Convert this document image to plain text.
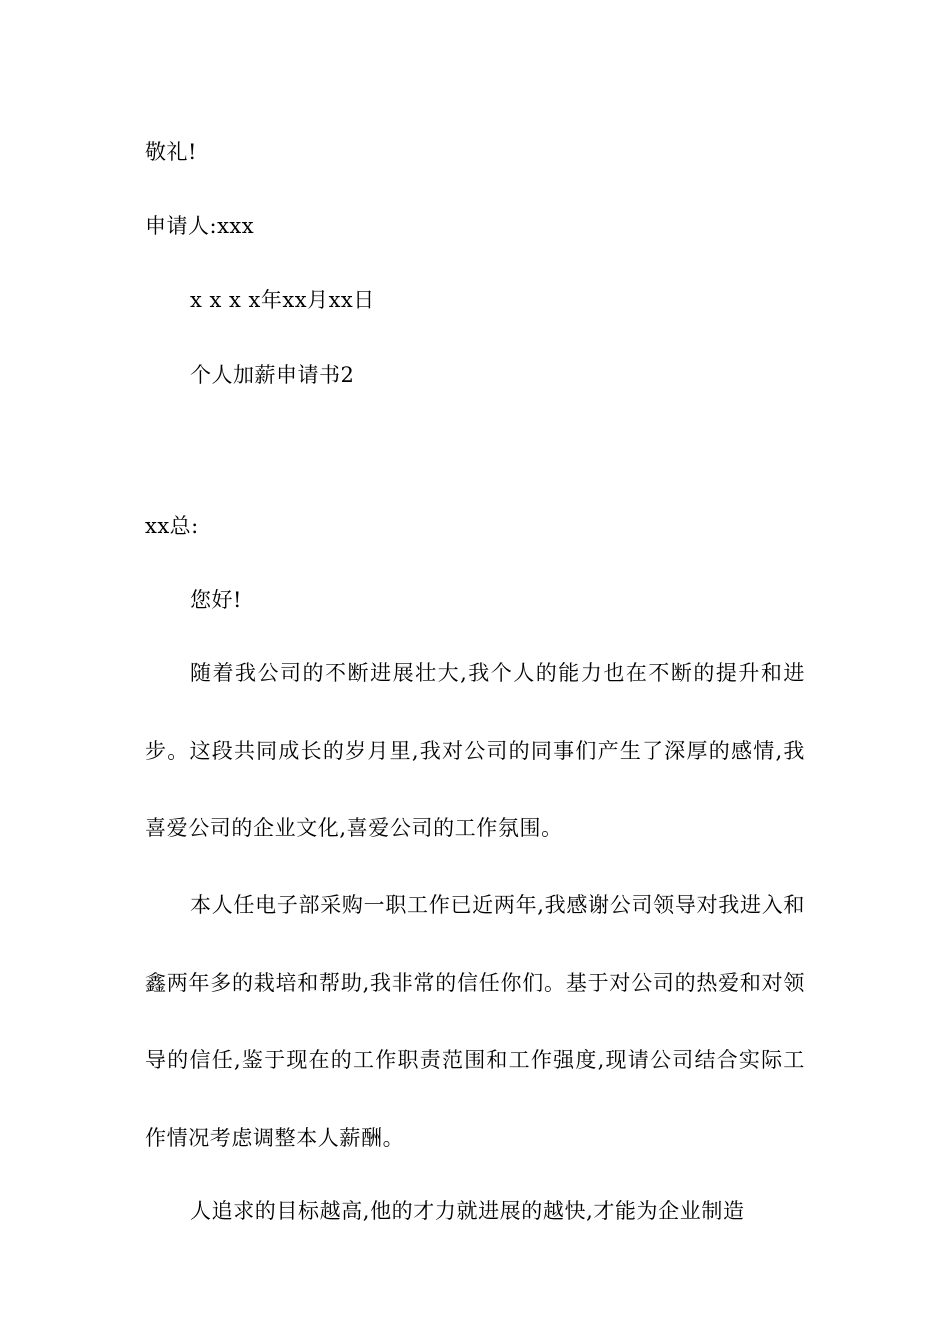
敬礼!
申请人:xxx
x x x x年xx月xx日
个人加薪申请书2
xx总:
您好!

随着我公司的不断进展壮大,我个人的能力也在不断的提升和进步。这段共同成长的岁月里,我对公司的同事们产生了深厚的感情,我喜爱公司的企业文化,喜爱公司的工作氛围。

本人任电子部采购一职工作已近两年,我感谢公司领导对我进入和鑫两年多的栽培和帮助,我非常的信任你们。基于对公司的热爱和对领导的信任,鉴于现在的工作职责范围和工作强度,现请公司结合实际工作情况考虑调整本人薪酬。

人追求的目标越高,他的才力就进展的越快,才能为企业制造
